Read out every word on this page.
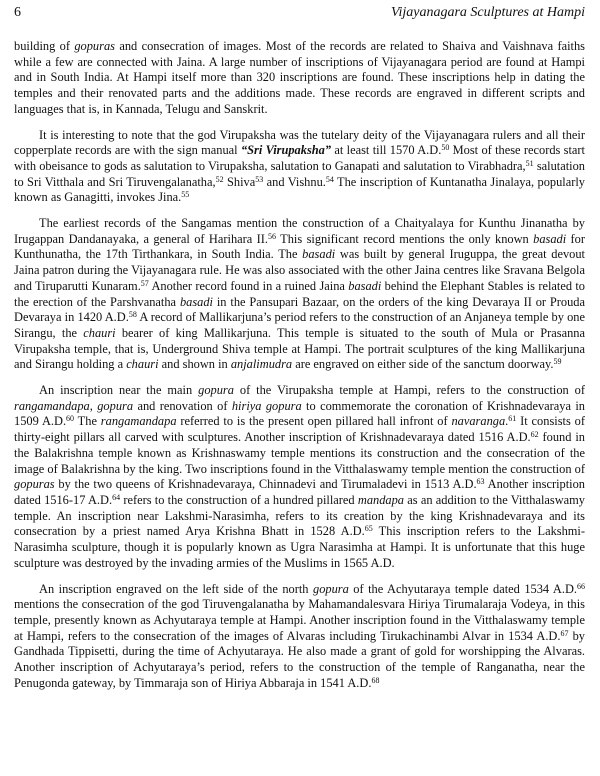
6	Vijayanagara Sculptures at Hampi

building of gopuras and consecration of images. Most of the records are related to Shaiva and Vaishnava faiths while a few are connected with Jaina. A large number of inscriptions of Vijayanagara period are found at Hampi and in South India. At Hampi itself more than 320 inscriptions are found. These inscriptions help in dating the temples and their renovated parts and the additions made. These records are engraved in different scripts and languages that is, in Kannada, Telugu and Sanskrit.

It is interesting to note that the god Virupaksha was the tutelary deity of the Vijayanagara rulers and all their copperplate records are with the sign manual “Sri Virupaksha” at least till 1570 A.D.$^{50}$ Most of these records start with obeisance to gods as salutation to Virupaksha, salutation to Ganapati and salutation to Virabhadra,$^{51}$ salutation to Sri Vitthala and Sri Tiruvengalanatha,$^{52}$ Shiva$^{53}$ and Vishnu.$^{54}$ The inscription of Kuntanatha Jinalaya, popularly known as Ganagitti, invokes Jina.$^{55}$

The earliest records of the Sangamas mention the construction of a Chaityalaya for Kunthu Jinanatha by Irugappan Dandanayaka, a general of Harihara II.$^{56}$ This significant record mentions the only known basadi for Kunthunatha, the 17th Tirthankara, in South India. The basadi was built by general Iruguppa, the great devout Jaina patron during the Vijayanagara rule. He was also associated with the other Jaina centres like Sravana Belgola and Tiruparutti Kunaram.$^{57}$ Another record found in a ruined Jaina basadi behind the Elephant Stables is related to the erection of the Parshvanatha basadi in the Pansupari Bazaar, on the orders of the king Devaraya II or Prouda Devaraya in 1420 A.D.$^{58}$ A record of Mallikarjuna’s period refers to the construction of an Anjaneya temple by one Sirangu, the chauri bearer of king Mallikarjuna. This temple is situated to the south of Mula or Prasanna Virupaksha temple, that is, Underground Shiva temple at Hampi. The portrait sculptures of the king Mallikarjuna and Sirangu holding a chauri and shown in anjalimudra are engraved on either side of the sanctum doorway.$^{59}$

An inscription near the main gopura of the Virupaksha temple at Hampi, refers to the construction of rangamandapa, gopura and renovation of hiriya gopura to commemorate the coronation of Krishnadevaraya in 1509 A.D.$^{60}$ The rangamandapa referred to is the present open pillared hall infront of navaranga.$^{61}$ It consists of thirty-eight pillars all carved with sculptures. Another inscription of Krishnadevaraya dated 1516 A.D.$^{62}$ found in the Balakrishna temple known as Krishnaswamy temple mentions its construction and the consecration of the image of Balakrishna by the king. Two inscriptions found in the Vitthalaswamy temple mention the construction of gopuras by the two queens of Krishnadevaraya, Chinnadevi and Tirumaladevi in 1513 A.D.$^{63}$ Another inscription dated 1516-17 A.D.$^{64}$ refers to the construction of a hundred pillared mandapa as an addition to the Vitthalaswamy temple. An inscription near Lakshmi-Narasimha, refers to its creation by the king Krishnadevaraya and its consecration by a priest named Arya Krishna Bhatt in 1528 A.D.$^{65}$ This inscription refers to the Lakshmi-Narasimha sculpture, though it is popularly known as Ugra Narasimha at Hampi. It is unfortunate that this huge sculpture was destroyed by the invading armies of the Muslims in 1565 A.D.

An inscription engraved on the left side of the north gopura of the Achyutaraya temple dated 1534 A.D.$^{66}$ mentions the consecration of the god Tiruvengalanatha by Mahamandalesvara Hiriya Tirumalaraja Vodeya, in this temple, presently known as Achyutaraya temple at Hampi. Another inscription found in the Vitthalaswamy temple at Hampi, refers to the consecration of the images of Alvaras including Tirukachinambi Alvar in 1534 A.D.$^{67}$ by Gandhada Tippisetti, during the time of Achyutaraya. He also made a grant of gold for worshipping the Alvaras. Another inscription of Achyutaraya’s period, refers to the construction of the temple of Ranganatha, near the Penugonda gateway, by Timmaraja son of Hiriya Abbaraja in 1541 A.D.$^{68}$
